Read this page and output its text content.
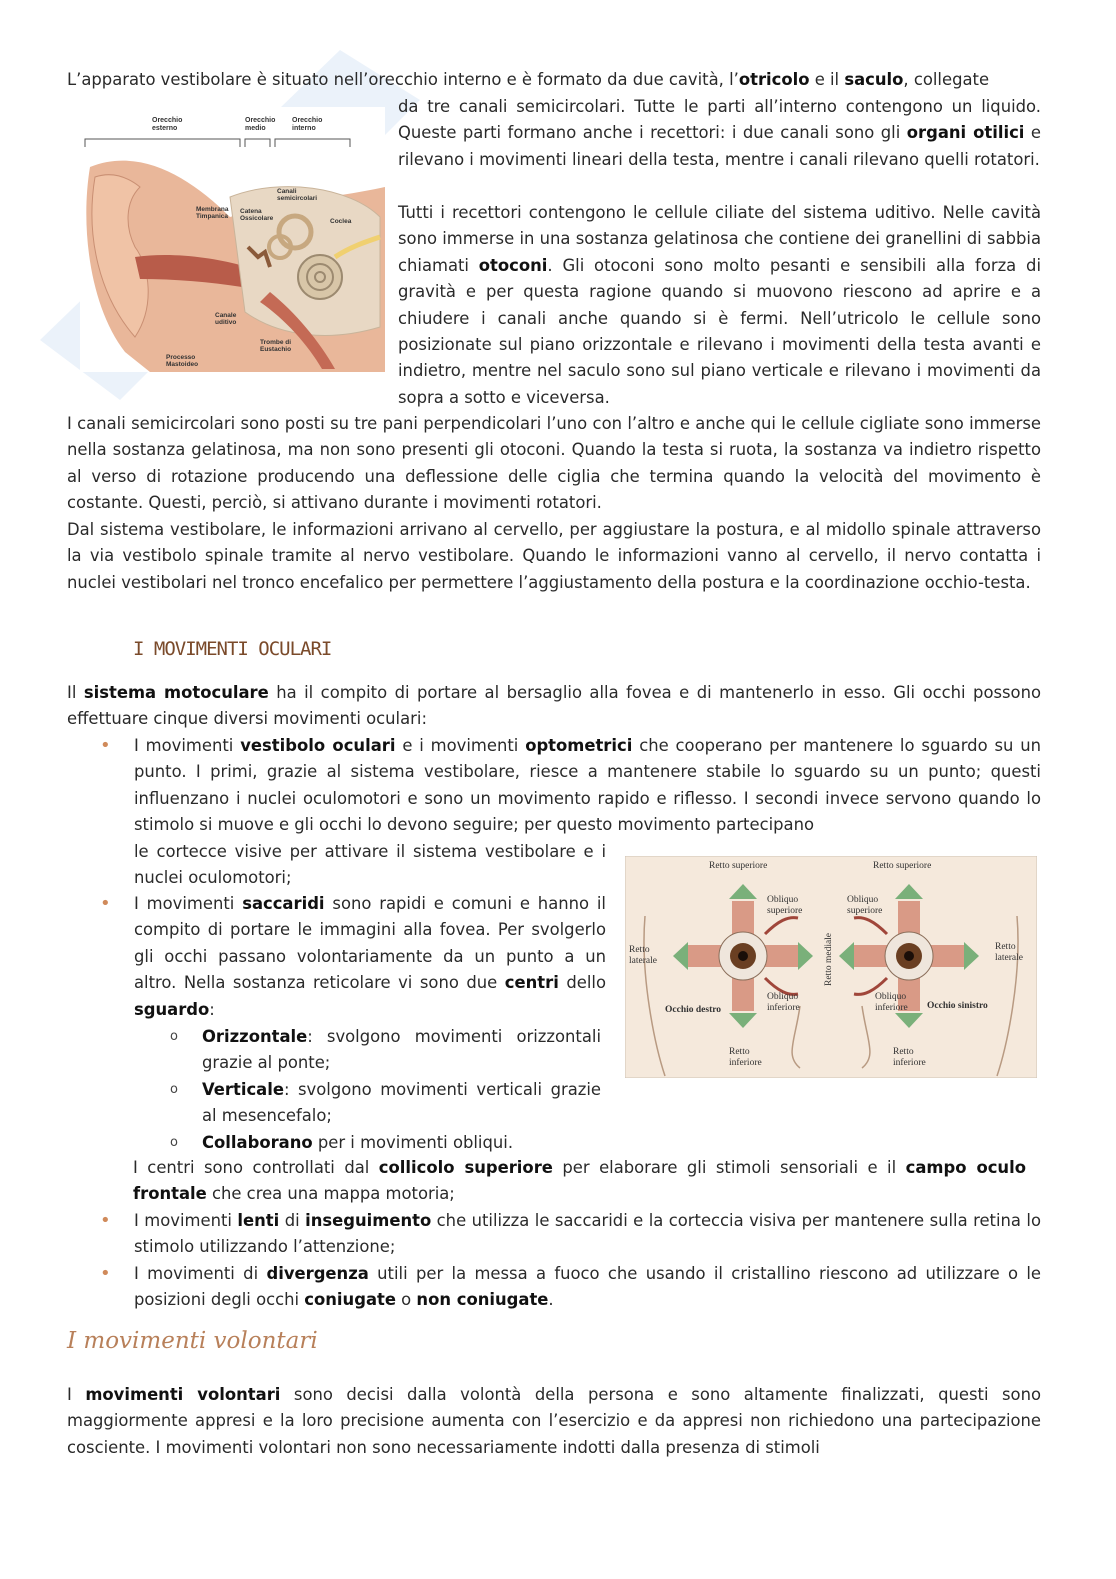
L’apparato vestibolare è situato nell’orecchio interno e è formato da due cavità, l’otricolo e il saculo, collegate

Orecchio
esterno
Orecchio
medio
Orecchio
interno
Canali
semicircolari
Membrana
Timpanica
Catena
Ossicolare	Coclea
Canale
uditivo
Trombe di
Eustachio
Processo
Mastoideo

da tre canali semicircolari. Tutte le parti all’interno contengono un liquido. Queste parti formano anche i recettori: i due canali sono gli organi otilici e rilevano i movimenti lineari della testa, mentre i canali rilevano quelli rotatori.

Tutti i recettori contengono le cellule ciliate del sistema uditivo. Nelle cavità sono immerse in una sostanza gelatinosa che contiene dei granellini di sabbia chiamati otoconi. Gli otoconi sono molto pesanti e sensibili alla forza di gravità e per questa ragione quando si muovono riescono ad aprire e a chiudere i canali anche quando si è fermi. Nell’utricolo le cellule sono posizionate sul piano orizzontale e rilevano i movimenti della testa avanti e indietro, mentre nel saculo sono sul piano verticale e rilevano i movimenti da sopra a sotto e viceversa.

I canali semicircolari sono posti su tre pani perpendicolari l’uno con l’altro e anche qui le cellule cigliate sono immerse nella sostanza gelatinosa, ma non sono presenti gli otoconi. Quando la testa si ruota, la sostanza va indietro rispetto al verso di rotazione producendo una deflessione delle ciglia che termina quando la velocità del movimento è costante. Questi, perciò, si attivano durante i movimenti rotatori.

Dal sistema vestibolare, le informazioni arrivano al cervello, per aggiustare la postura, e al midollo spinale attraverso la via vestibolo spinale tramite al nervo vestibolare. Quando le informazioni vanno al cervello, il nervo contatta i nuclei vestibolari nel tronco encefalico per permettere l’aggiustamento della postura e la coordinazione occhio-testa.

I MOVIMENTI OCULARI

Il sistema motoculare ha il compito di portare al bersaglio alla fovea e di mantenerlo in esso. Gli occhi possono effettuare cinque diversi movimenti oculari:

• I movimenti vestibolo oculari e i movimenti optometrici che cooperano per mantenere lo sguardo su un punto. I primi, grazie al sistema vestibolare, riesce a mantenere stabile lo sguardo su un punto; questi influenzano i nuclei oculomotori e sono un movimento rapido e riflesso. I secondi invece servono quando lo stimolo si muove e gli occhi lo devono seguire; per questo movimento partecipano

le cortecce visive per attivare il sistema vestibolare e i nuclei oculomotori;

• I movimenti saccaridi sono rapidi e comuni e hanno il compito di portare le immagini alla fovea. Per svolgerlo gli occhi passano volontariamente da un punto a un altro. Nella sostanza reticolare vi sono due centri dello sguardo:
o Orizzontale: svolgono movimenti orizzontali grazie al ponte;
o Verticale: svolgono movimenti verticali grazie al mesencefalo;
o Collaborano per i movimenti obliqui.

I centri sono controllati dal collicolo superiore per elaborare gli stimoli sensoriali e il campo oculo frontale che crea una mappa motoria;

• I movimenti lenti di inseguimento che utilizza le saccaridi e la corteccia visiva per mantenere sulla retina lo stimolo utilizzando l’attenzione;
• I movimenti di divergenza utili per la messa a fuoco che usando il cristallino riescono ad utilizzare o le posizioni degli occhi coniugate o non coniugate.
Retto superiore	Retto superiore
Obliquo
superiore
Obliquo
superiore
Retto
laterale
Retto
laterale
Retto mediale
Obliquo
inferiore
Obliquo
inferiore
Occhio destro	Occhio sinistro
Retto
inferiore
Retto
inferiore
I movimenti volontari

I movimenti volontari sono decisi dalla volontà della persona e sono altamente finalizzati, questi sono maggiormente appresi e la loro precisione aumenta con l’esercizio e da appresi non richiedono una partecipazione cosciente. I movimenti volontari non sono necessariamente indotti dalla presenza di stimoli
